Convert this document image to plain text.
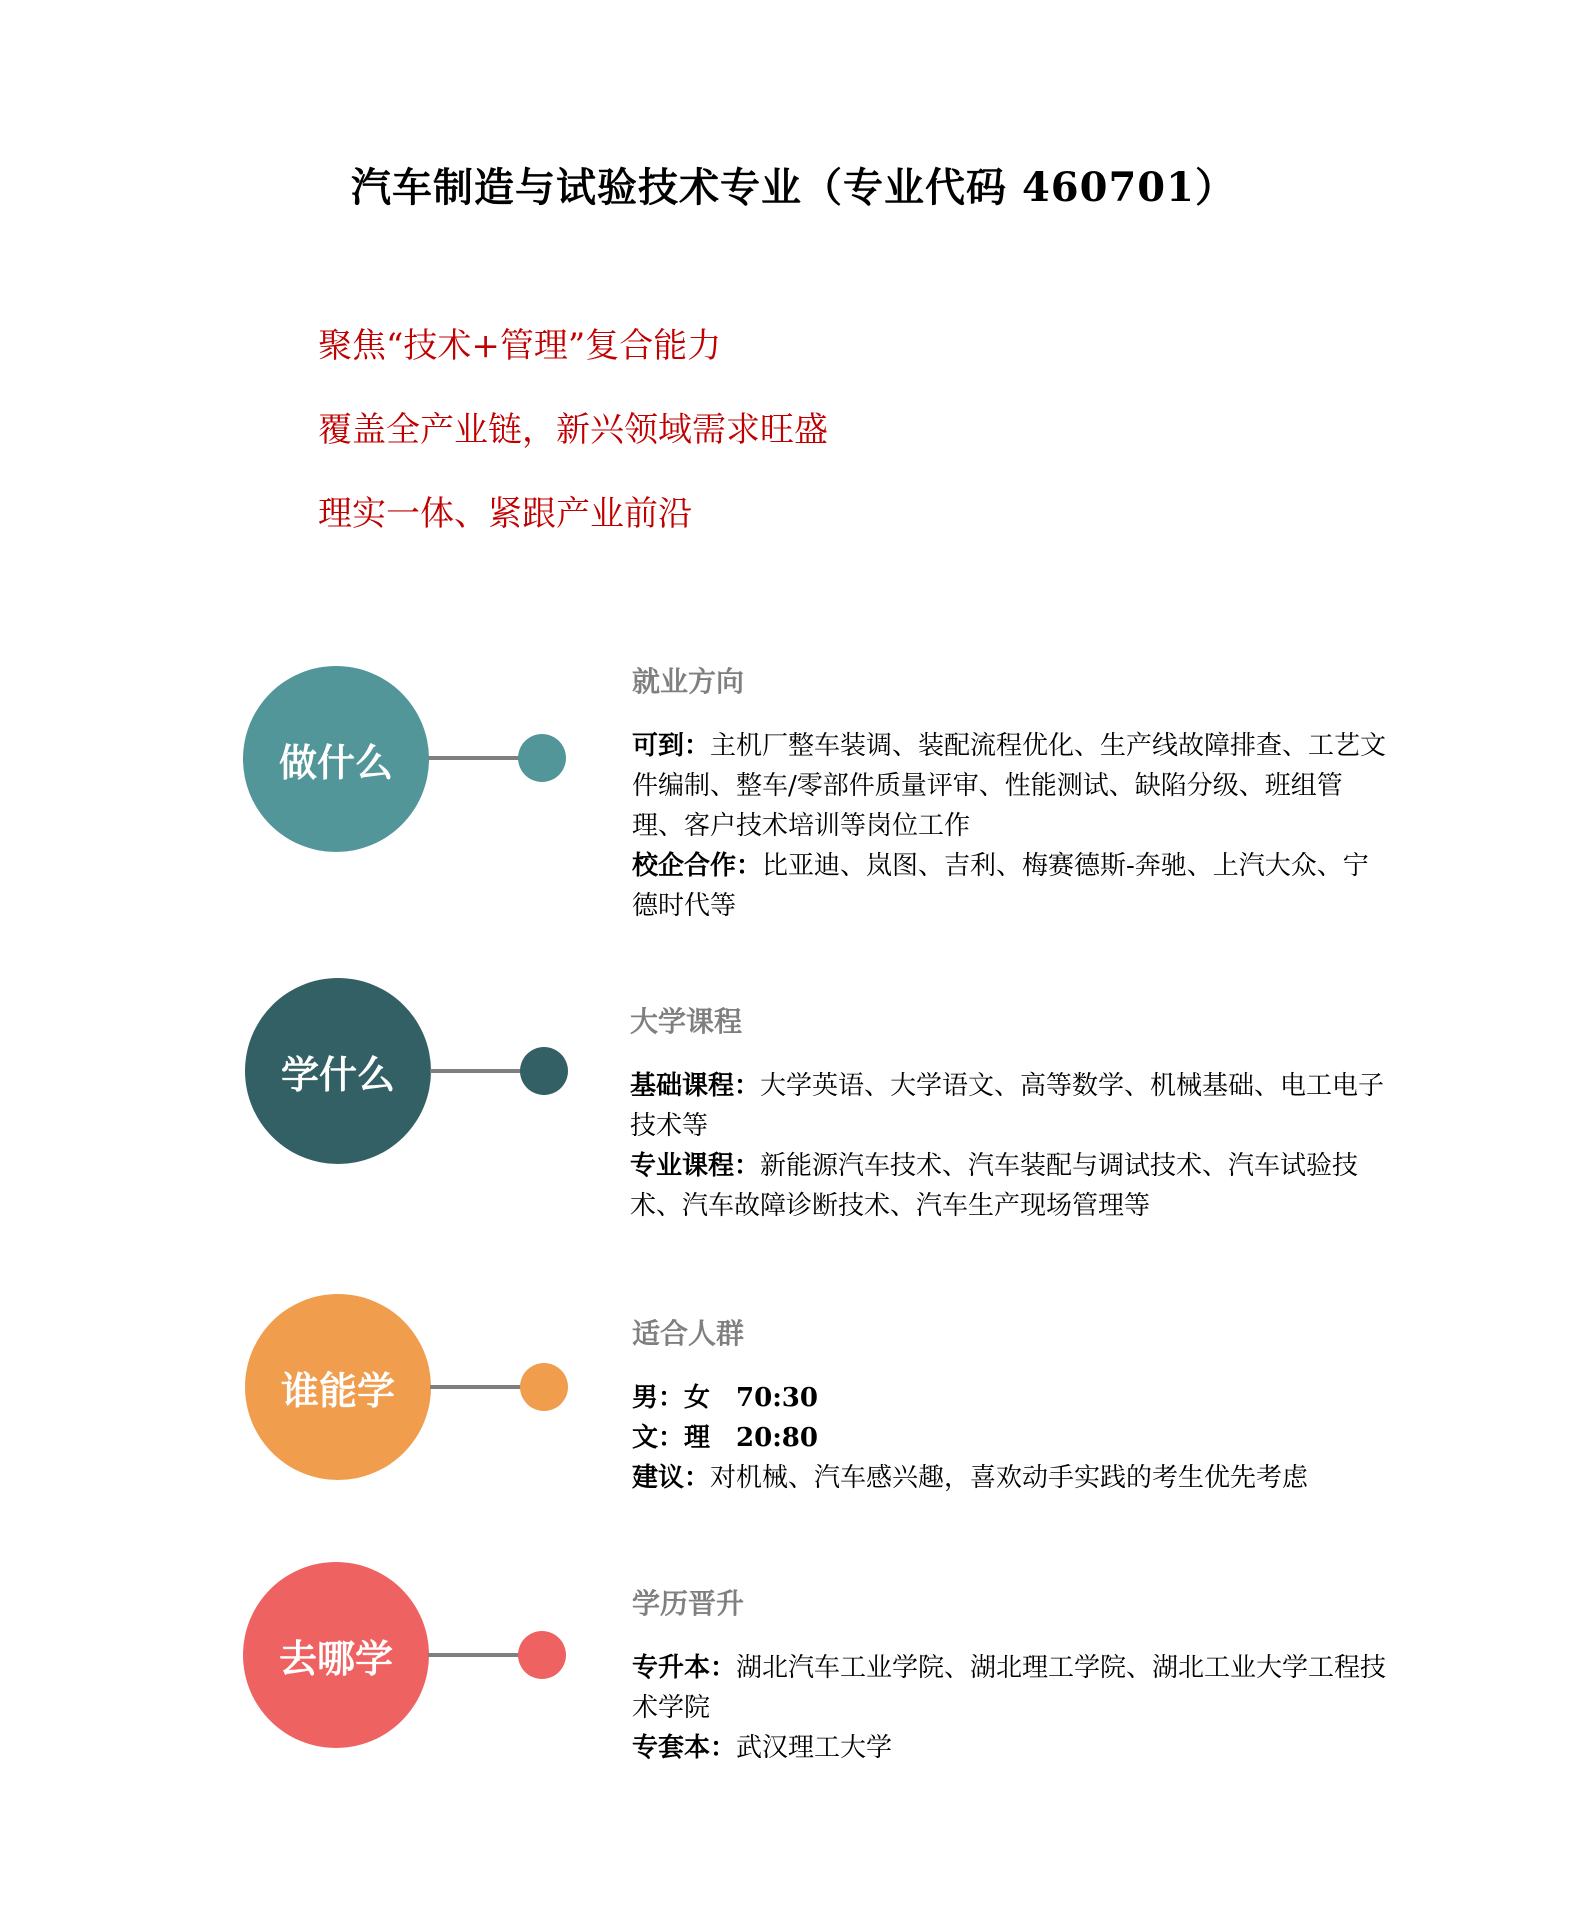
汽车制造与试验技术专业（专业代码 460701）
聚焦“技术+管理”复合能力
覆盖全产业链，新兴领域需求旺盛
理实一体、紧跟产业前沿
做什么
就业方向
可到：主机厂整车装调、装配流程优化、生产线故障排查、工艺文件编制、整车/零部件质量评审、性能测试、缺陷分级、班组管理、客户技术培训等岗位工作
校企合作：比亚迪、岚图、吉利、梅赛德斯-奔驰、上汽大众、宁德时代等
学什么
大学课程
基础课程：大学英语、大学语文、高等数学、机械基础、电工电子技术等
专业课程：新能源汽车技术、汽车装配与调试技术、汽车试验技术、汽车故障诊断技术、汽车生产现场管理等
谁能学
适合人群
男：女　70:30
文：理　20:80
建议：对机械、汽车感兴趣，喜欢动手实践的考生优先考虑
去哪学
学历晋升
专升本：湖北汽车工业学院、湖北理工学院、湖北工业大学工程技术学院
专套本：武汉理工大学
